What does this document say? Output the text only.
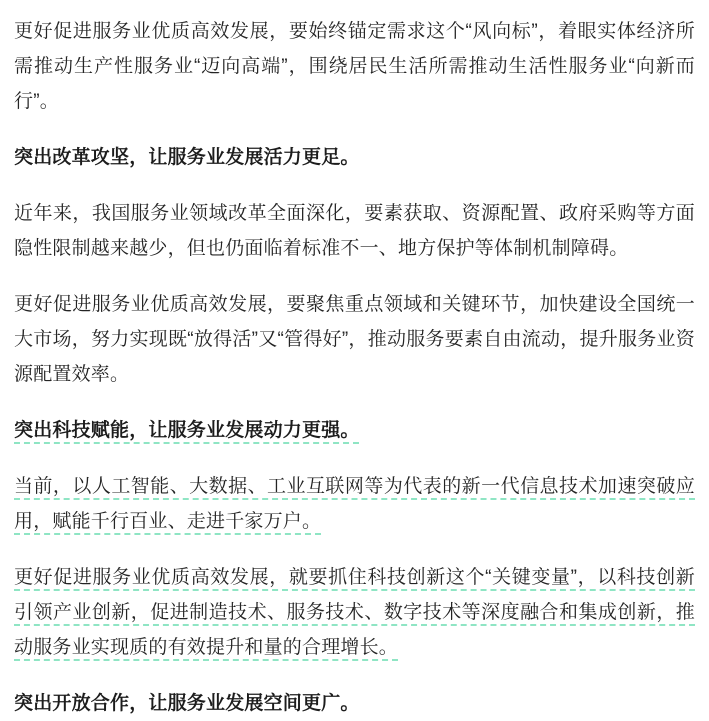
更好促进服务业优质高效发展，要始终锚定需求这个“风向标”，着眼实体经济所需推动生产性服务业“迈向高端”，围绕居民生活所需推动生活性服务业“向新而行”。

突出改革攻坚，让服务业发展活力更足。

近年来，我国服务业领域改革全面深化，要素获取、资源配置、政府采购等方面隐性限制越来越少，但也仍面临着标准不一、地方保护等体制机制障碍。

更好促进服务业优质高效发展，要聚焦重点领域和关键环节，加快建设全国统一大市场，努力实现既“放得活”又“管得好”，推动服务要素自由流动，提升服务业资源配置效率。

突出科技赋能，让服务业发展动力更强。

当前，以人工智能、大数据、工业互联网等为代表的新一代信息技术加速突破应用，赋能千行百业、走进千家万户。

更好促进服务业优质高效发展，就要抓住科技创新这个“关键变量”，以科技创新引领产业创新，促进制造技术、服务技术、数字技术等深度融合和集成创新，推动服务业实现质的有效提升和量的合理增长。

突出开放合作，让服务业发展空间更广。
